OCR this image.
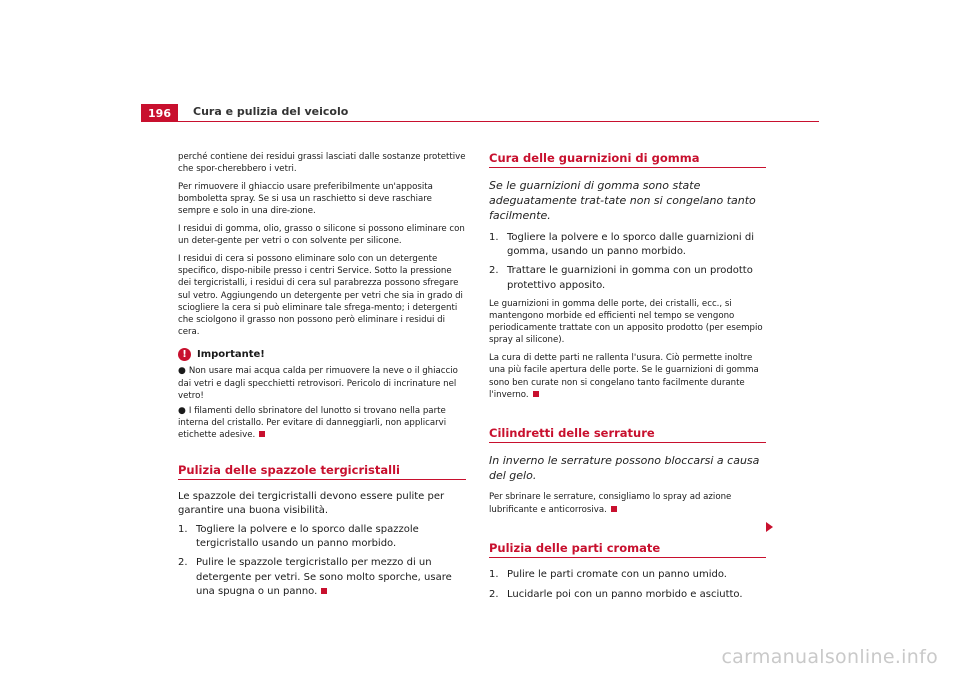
196	Cura e pulizia del veicolo

perché contiene dei residui grassi lasciati dalle sostanze protettive che spor-cherebbero i vetri.

Per rimuovere il ghiaccio usare preferibilmente un'apposita bomboletta spray. Se si usa un raschietto si deve raschiare sempre e solo in una dire-zione.

I residui di gomma, olio, grasso o silicone si possono eliminare con un deter-gente per vetri o con solvente per silicone.

I residui di cera si possono eliminare solo con un detergente specifico, dispo-nibile presso i centri Service. Sotto la pressione dei tergicristalli, i residui di cera sul parabrezza possono sfregare sul vetro. Aggiungendo un detergente per vetri che sia in grado di sciogliere la cera si può eliminare tale sfrega-mento; i detergenti che sciolgono il grasso non possono però eliminare i residui di cera.

!	Importante!

● Non usare mai acqua calda per rimuovere la neve o il ghiaccio dai vetri e dagli specchietti retrovisori. Pericolo di incrinature nel vetro!

● I filamenti dello sbrinatore del lunotto si trovano nella parte interna del cristallo. Per evitare di danneggiarli, non applicarvi etichette adesive.

Pulizia delle spazzole tergicristalli

Le spazzole dei tergicristalli devono essere pulite per garantire una buona visibilità.

1. Togliere la polvere e lo sporco dalle spazzole tergicristallo usando un panno morbido.
2. Pulire le spazzole tergicristallo per mezzo di un detergente per vetri. Se sono molto sporche, usare una spugna o un panno.
Cura delle guarnizioni di gomma

Se le guarnizioni di gomma sono state adeguatamente trat-tate non si congelano tanto facilmente.

1. Togliere la polvere e lo sporco dalle guarnizioni di gomma, usando un panno morbido.
2. Trattare le guarnizioni in gomma con un prodotto protettivo apposito.

Le guarnizioni in gomma delle porte, dei cristalli, ecc., si mantengono morbide ed efficienti nel tempo se vengono periodicamente trattate con un apposito prodotto (per esempio spray al silicone).

La cura di dette parti ne rallenta l'usura. Ciò permette inoltre una più facile apertura delle porte. Se le guarnizioni di gomma sono ben curate non si congelano tanto facilmente durante l'inverno.

Cilindretti delle serrature

In inverno le serrature possono bloccarsi a causa del gelo.

Per sbrinare le serrature, consigliamo lo spray ad azione lubrificante e anticorrosiva.

Pulizia delle parti cromate
1. Pulire le parti cromate con un panno umido.
2. Lucidarle poi con un panno morbido e asciutto.
carmanualsonline.info
